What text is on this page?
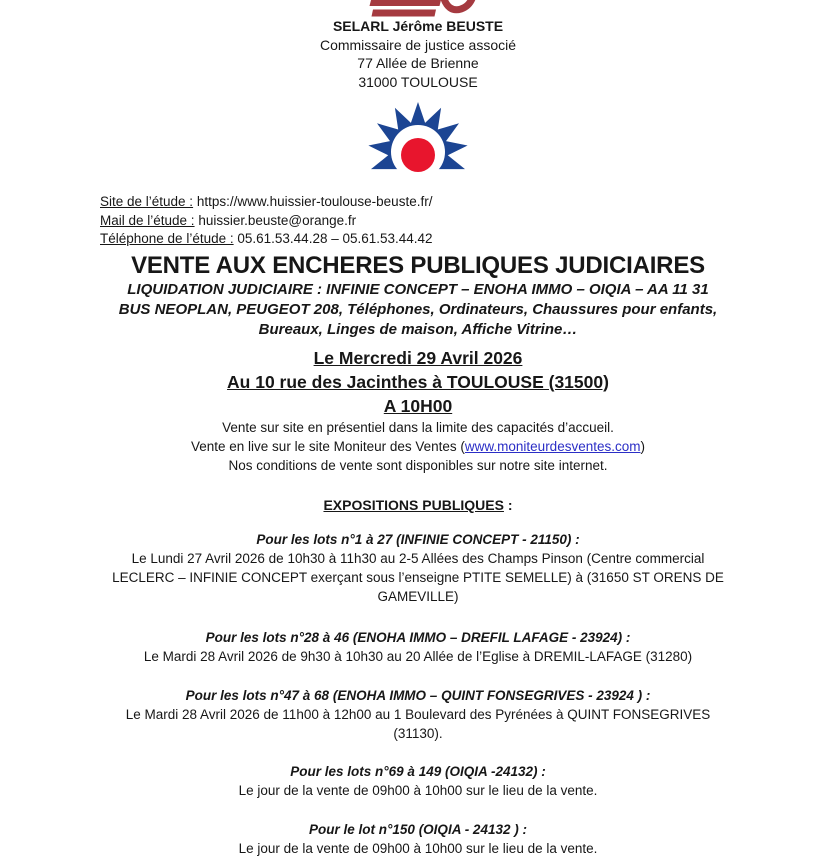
SELARL Jérôme BEUSTE
Commissaire de justice associé
77 Allée de Brienne
31000 TOULOUSE
Site de l’étude : https://www.huissier-toulouse-beuste.fr/
Mail de l’étude : huissier.beuste@orange.fr
Téléphone de l’étude : 05.61.53.44.28 – 05.61.53.44.42
VENTE AUX ENCHERES PUBLIQUES JUDICIAIRES
LIQUIDATION JUDICIAIRE : INFINIE CONCEPT – ENOHA IMMO – OIQIA – AA 11 31
BUS NEOPLAN, PEUGEOT 208, Téléphones, Ordinateurs, Chaussures pour enfants, Bureaux, Linges de maison, Affiche Vitrine…
Le Mercredi 29 Avril 2026
Au 10 rue des Jacinthes à TOULOUSE (31500)
A 10H00
Vente sur site en présentiel dans la limite des capacités d’accueil.
Vente en live sur le site Moniteur des Ventes (www.moniteurdesventes.com)
Nos conditions de vente sont disponibles sur notre site internet.
EXPOSITIONS PUBLIQUES :
Pour les lots n°1 à 27 (INFINIE CONCEPT - 21150) :
Le Lundi 27 Avril 2026 de 10h30 à 11h30 au 2-5 Allées des Champs Pinson (Centre commercial LECLERC – INFINIE CONCEPT exerçant sous l’enseigne PTITE SEMELLE) à (31650 ST ORENS DE GAMEVILLE)
Pour les lots n°28 à 46 (ENOHA IMMO – DREFIL LAFAGE - 23924) :
Le Mardi 28 Avril 2026 de 9h30 à 10h30 au 20 Allée de l’Eglise à DREMIL-LAFAGE (31280)
Pour les lots n°47 à 68 (ENOHA IMMO – QUINT FONSEGRIVES - 23924 ) :
Le Mardi 28 Avril 2026 de 11h00 à 12h00 au 1 Boulevard des Pyrénées à QUINT FONSEGRIVES (31130).
Pour les lots n°69 à 149 (OIQIA -24132) :
Le jour de la vente de 09h00 à 10h00 sur le lieu de la vente.
Pour le lot n°150 (OIQIA - 24132 ) :
Le jour de la vente de 09h00 à 10h00 sur le lieu de la vente.
